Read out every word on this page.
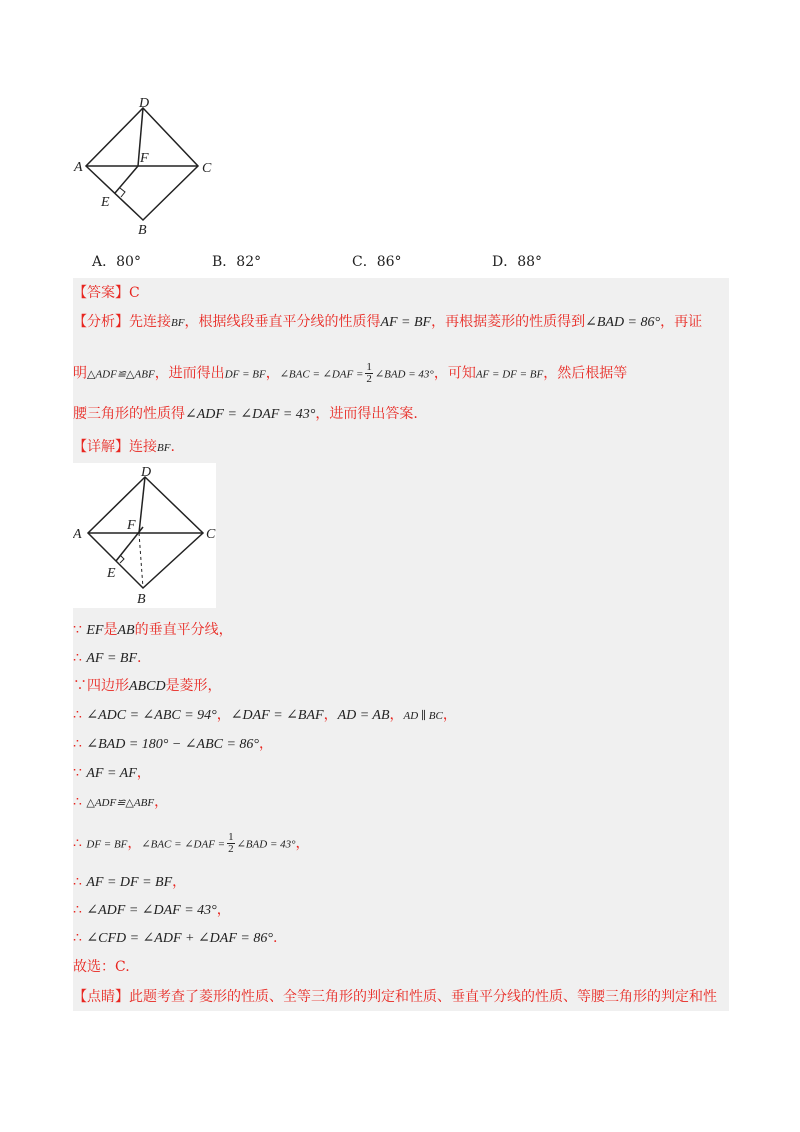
D
A	C
F
E
B
A．80°	B．82°	C．86°	D．88°
【答案】C
【分析】先连接BF，根据线段垂直平分线的性质得AF = BF，再根据菱形的性质得到∠BAD = 86°，再证
明△ADF≌△ABF，进而得出DF = BF，∠BAC = ∠DAF = $\frac{1}{2}$ ∠BAD = 43°，可知AF = DF = BF，然后根据等
腰三角形的性质得∠ADF = ∠DAF = 43°，进而得出答案.
【详解】连接BF.
D
A	C
F
E
B
∵ EF是AB的垂直平分线，
∴ AF = BF.
∵四边形ABCD是菱形，
∴ ∠ADC = ∠ABC = 94°，∠DAF = ∠BAF，AD = AB，AD ∥ BC，
∴ ∠BAD = 180° − ∠ABC = 86°，
∵ AF = AF，
∴ △ADF≌△ABF，
∴ DF = BF，∠BAC = ∠DAF = $\frac{1}{2}$ ∠BAD = 43°，
∴ AF = DF = BF，
∴ ∠ADF = ∠DAF = 43°，
∴ ∠CFD = ∠ADF + ∠DAF = 86°.
故选：C.
【点睛】此题考查了菱形的性质、全等三角形的判定和性质、垂直平分线的性质、等腰三角形的判定和性
